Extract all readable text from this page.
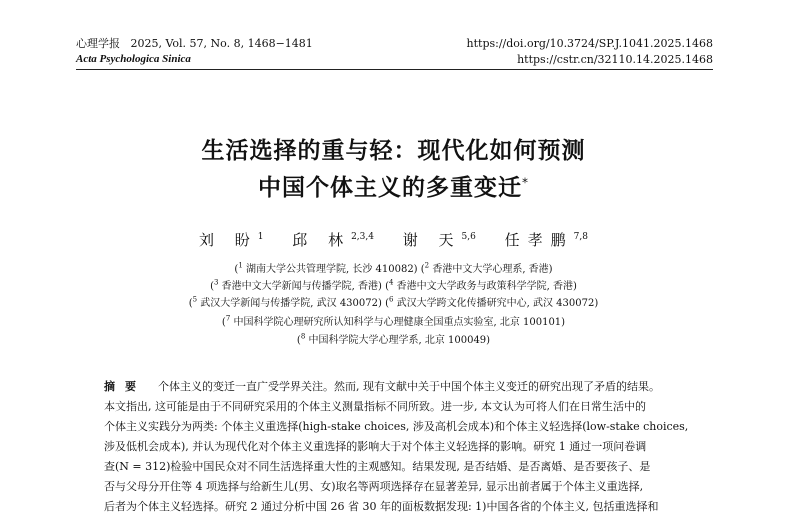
心理学报 2025, Vol. 57, No. 8, 1468−1481
Acta Psychologica Sinica
https://doi.org/10.3724/SP.J.1041.2025.1468
https://cstr.cn/32110.14.2025.1468
生活选择的重与轻：现代化如何预测
中国个体主义的多重变迁*
刘 盼$^1$ 邱 林$^{2,3,4}$ 谢 天$^{5,6}$ 任孝鹏$^{7,8}$
($^1$ 湖南大学公共管理学院, 长沙 410082) ($^2$ 香港中文大学心理系, 香港)
($^3$ 香港中文大学新闻与传播学院, 香港) ($^4$ 香港中文大学政务与政策科学学院, 香港)
($^5$ 武汉大学新闻与传播学院, 武汉 430072) ($^6$ 武汉大学跨文化传播研究中心, 武汉 430072)
($^7$ 中国科学院心理研究所认知科学与心理健康全国重点实验室, 北京 100101)
($^8$ 中国科学院大学心理学系, 北京 100049)
摘要 个体主义的变迁一直广受学界关注。然而, 现有文献中关于中国个体主义变迁的研究出现了矛盾的结果。
本文指出, 这可能是由于不同研究采用的个体主义测量指标不同所致。进一步, 本文认为可将人们在日常生活中的
个体主义实践分为两类: 个体主义重选择(high-stake choices, 涉及高机会成本)和个体主义轻选择(low-stake choices,
涉及低机会成本), 并认为现代化对个体主义重选择的影响大于对个体主义轻选择的影响。研究 1 通过一项问卷调
查(N = 312)检验中国民众对不同生活选择重大性的主观感知。结果发现, 是否结婚、是否离婚、是否要孩子、是
否与父母分开住等 4 项选择与给新生儿(男、女)取名等两项选择存在显著差异, 显示出前者属于个体主义重选择,
后者为个体主义轻选择。研究 2 通过分析中国 26 省 30 年的面板数据发现: 1)中国各省的个体主义, 包括重选择和
